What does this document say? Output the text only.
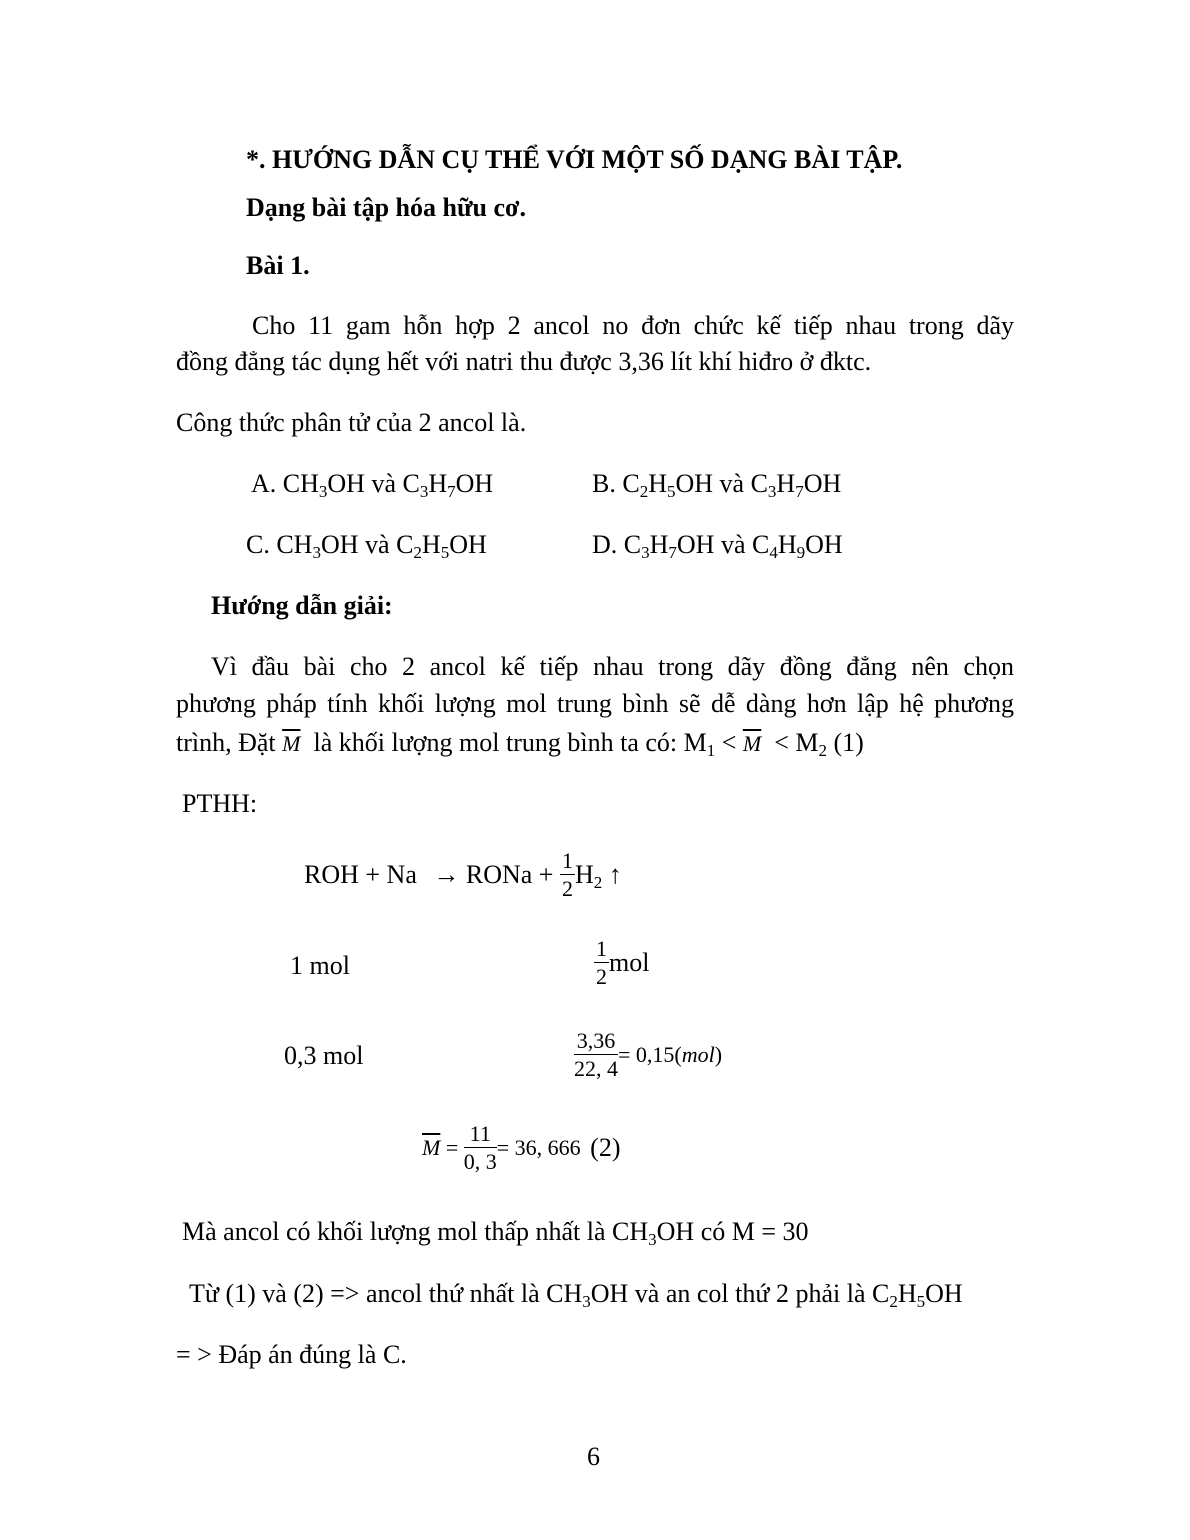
*. HƯỚNG DẪN CỤ THỂ VỚI MỘT SỐ DẠNG BÀI TẬP.
Dạng bài tập hóa hữu cơ.
Bài 1.
Cho 11 gam hỗn hợp 2 ancol no đơn chức kế tiếp nhau trong dãy
đồng đẳng tác dụng hết với natri thu được 3,36 lít khí hiđro ở đktc.
Công thức phân tử của 2 ancol là.
A. $CH_3OH$ và $C_3H_7OH$	B. $C_2H_5OH$ và $C_3H_7OH$
C. $CH_3OH$ và $C_2H_5OH$	D. $C_3H_7OH$ và $C_4H_9OH$
Hướng dẫn giải:
Vì đầu bài cho 2 ancol kế tiếp nhau trong dãy đồng đẳng nên chọn
phương pháp tính khối lượng mol trung bình sẽ dễ dàng hơn lập hệ phương
trình, Đặt $\overline{M}$ là khối lượng mol trung bình ta có: $M_1 < \overline{M} < M_2$ (1)
PTHH:
ROH + Na → RONa + $\frac{1}{2} H_2$ ↑
1 mol	$\frac{1}{2}$ mol
0,3 mol	$\frac{3,36}{22, 4} = 0,15(mol)$
$\overline{M} = \frac{11}{0, 3} = 36$, 666 (2)
Mà ancol có khối lượng mol thấp nhất là $CH_3OH$ có M = 30
Từ (1) và (2) => ancol thứ nhất là $CH_3OH$ và an col thứ 2 phải là $C_2H_5OH$
= > Đáp án đúng là C.
6
